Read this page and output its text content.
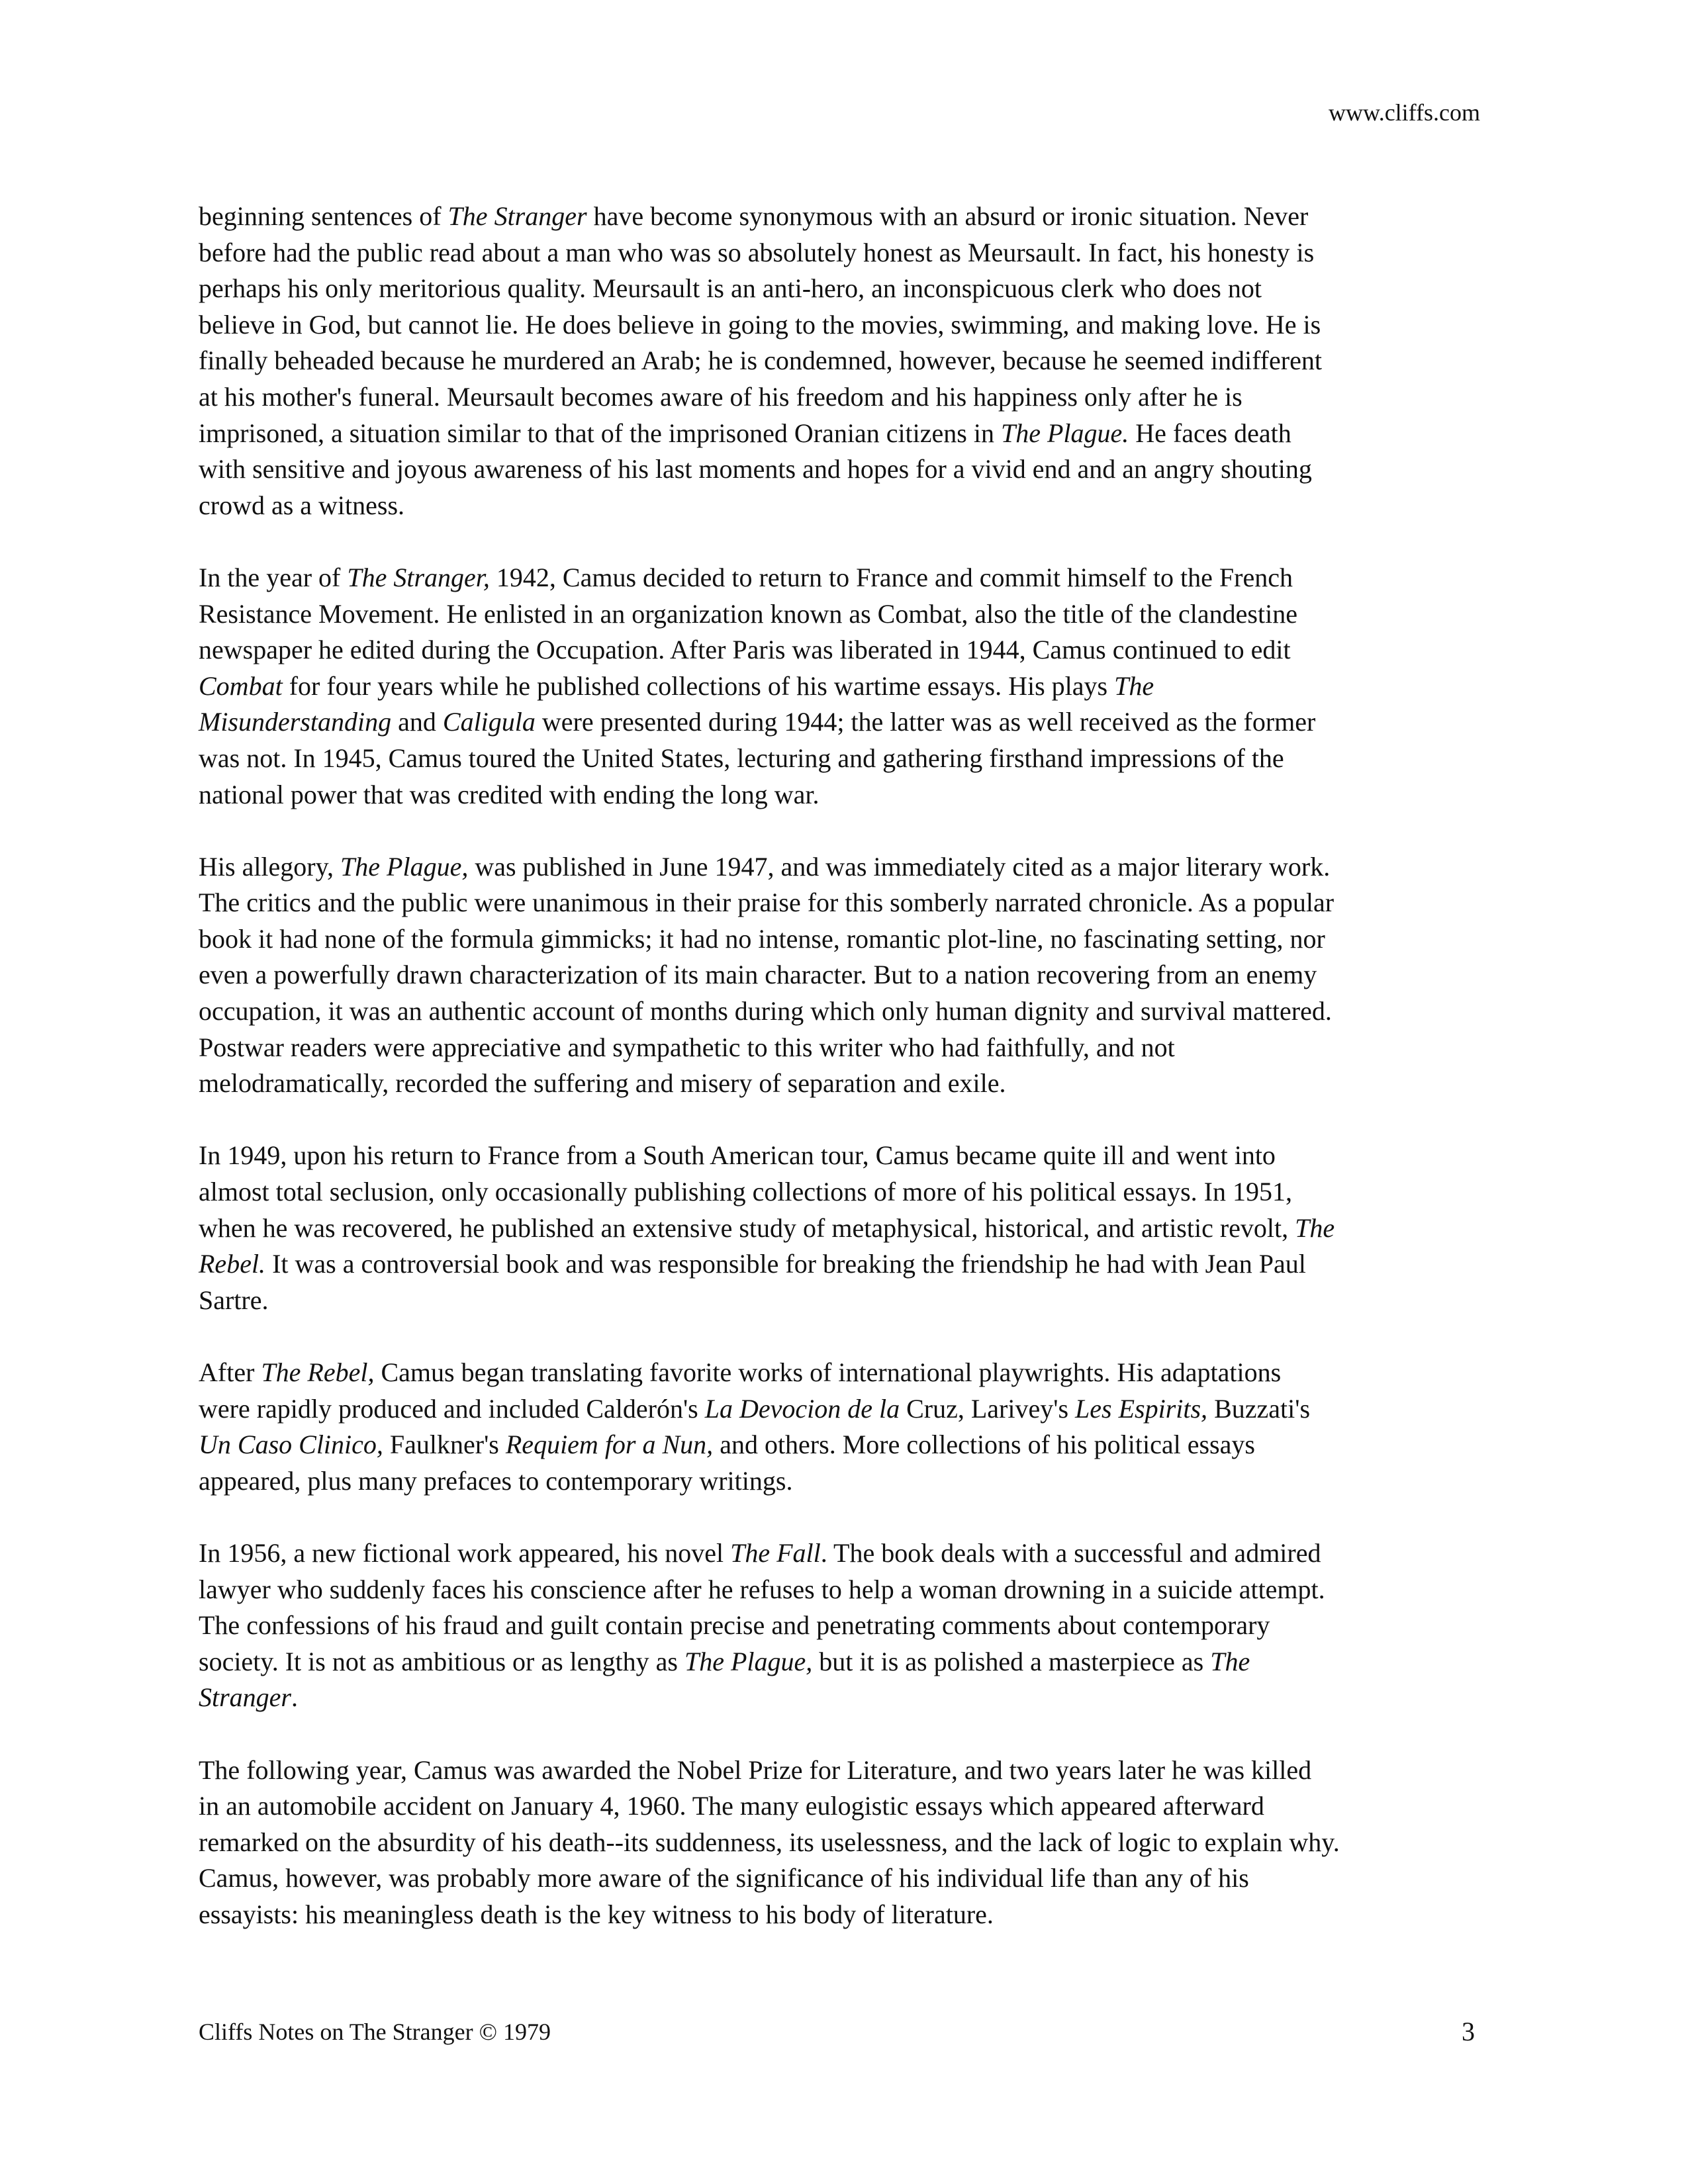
www.cliffs.com
beginning sentences of The Stranger have become synonymous with an absurd or ironic situation. Never
before had the public read about a man who was so absolutely honest as Meursault. In fact, his honesty is
perhaps his only meritorious quality. Meursault is an anti-hero, an inconspicuous clerk who does not
believe in God, but cannot lie. He does believe in going to the movies, swimming, and making love. He is
finally beheaded because he murdered an Arab; he is condemned, however, because he seemed indifferent
at his mother's funeral. Meursault becomes aware of his freedom and his happiness only after he is
imprisoned, a situation similar to that of the imprisoned Oranian citizens in The Plague. He faces death
with sensitive and joyous awareness of his last moments and hopes for a vivid end and an angry shouting
crowd as a witness.
In the year of The Stranger, 1942, Camus decided to return to France and commit himself to the French
Resistance Movement. He enlisted in an organization known as Combat, also the title of the clandestine
newspaper he edited during the Occupation. After Paris was liberated in 1944, Camus continued to edit
Combat for four years while he published collections of his wartime essays. His plays The
Misunderstanding and Caligula were presented during 1944; the latter was as well received as the former
was not. In 1945, Camus toured the United States, lecturing and gathering firsthand impressions of the
national power that was credited with ending the long war.
His allegory, The Plague, was published in June 1947, and was immediately cited as a major literary work.
The critics and the public were unanimous in their praise for this somberly narrated chronicle. As a popular
book it had none of the formula gimmicks; it had no intense, romantic plot-line, no fascinating setting, nor
even a powerfully drawn characterization of its main character. But to a nation recovering from an enemy
occupation, it was an authentic account of months during which only human dignity and survival mattered.
Postwar readers were appreciative and sympathetic to this writer who had faithfully, and not
melodramatically, recorded the suffering and misery of separation and exile.
In 1949, upon his return to France from a South American tour, Camus became quite ill and went into
almost total seclusion, only occasionally publishing collections of more of his political essays. In 1951,
when he was recovered, he published an extensive study of metaphysical, historical, and artistic revolt, The
Rebel. It was a controversial book and was responsible for breaking the friendship he had with Jean Paul
Sartre.
After The Rebel, Camus began translating favorite works of international playwrights. His adaptations
were rapidly produced and included Calderón's La Devocion de la Cruz, Larivey's Les Espirits, Buzzati's
Un Caso Clinico, Faulkner's Requiem for a Nun, and others. More collections of his political essays
appeared, plus many prefaces to contemporary writings.
In 1956, a new fictional work appeared, his novel The Fall. The book deals with a successful and admired
lawyer who suddenly faces his conscience after he refuses to help a woman drowning in a suicide attempt.
The confessions of his fraud and guilt contain precise and penetrating comments about contemporary
society. It is not as ambitious or as lengthy as The Plague, but it is as polished a masterpiece as The
Stranger.
The following year, Camus was awarded the Nobel Prize for Literature, and two years later he was killed
in an automobile accident on January 4, 1960. The many eulogistic essays which appeared afterward
remarked on the absurdity of his death--its suddenness, its uselessness, and the lack of logic to explain why.
Camus, however, was probably more aware of the significance of his individual life than any of his
essayists: his meaningless death is the key witness to his body of literature.
Cliffs Notes on The Stranger © 1979	3
